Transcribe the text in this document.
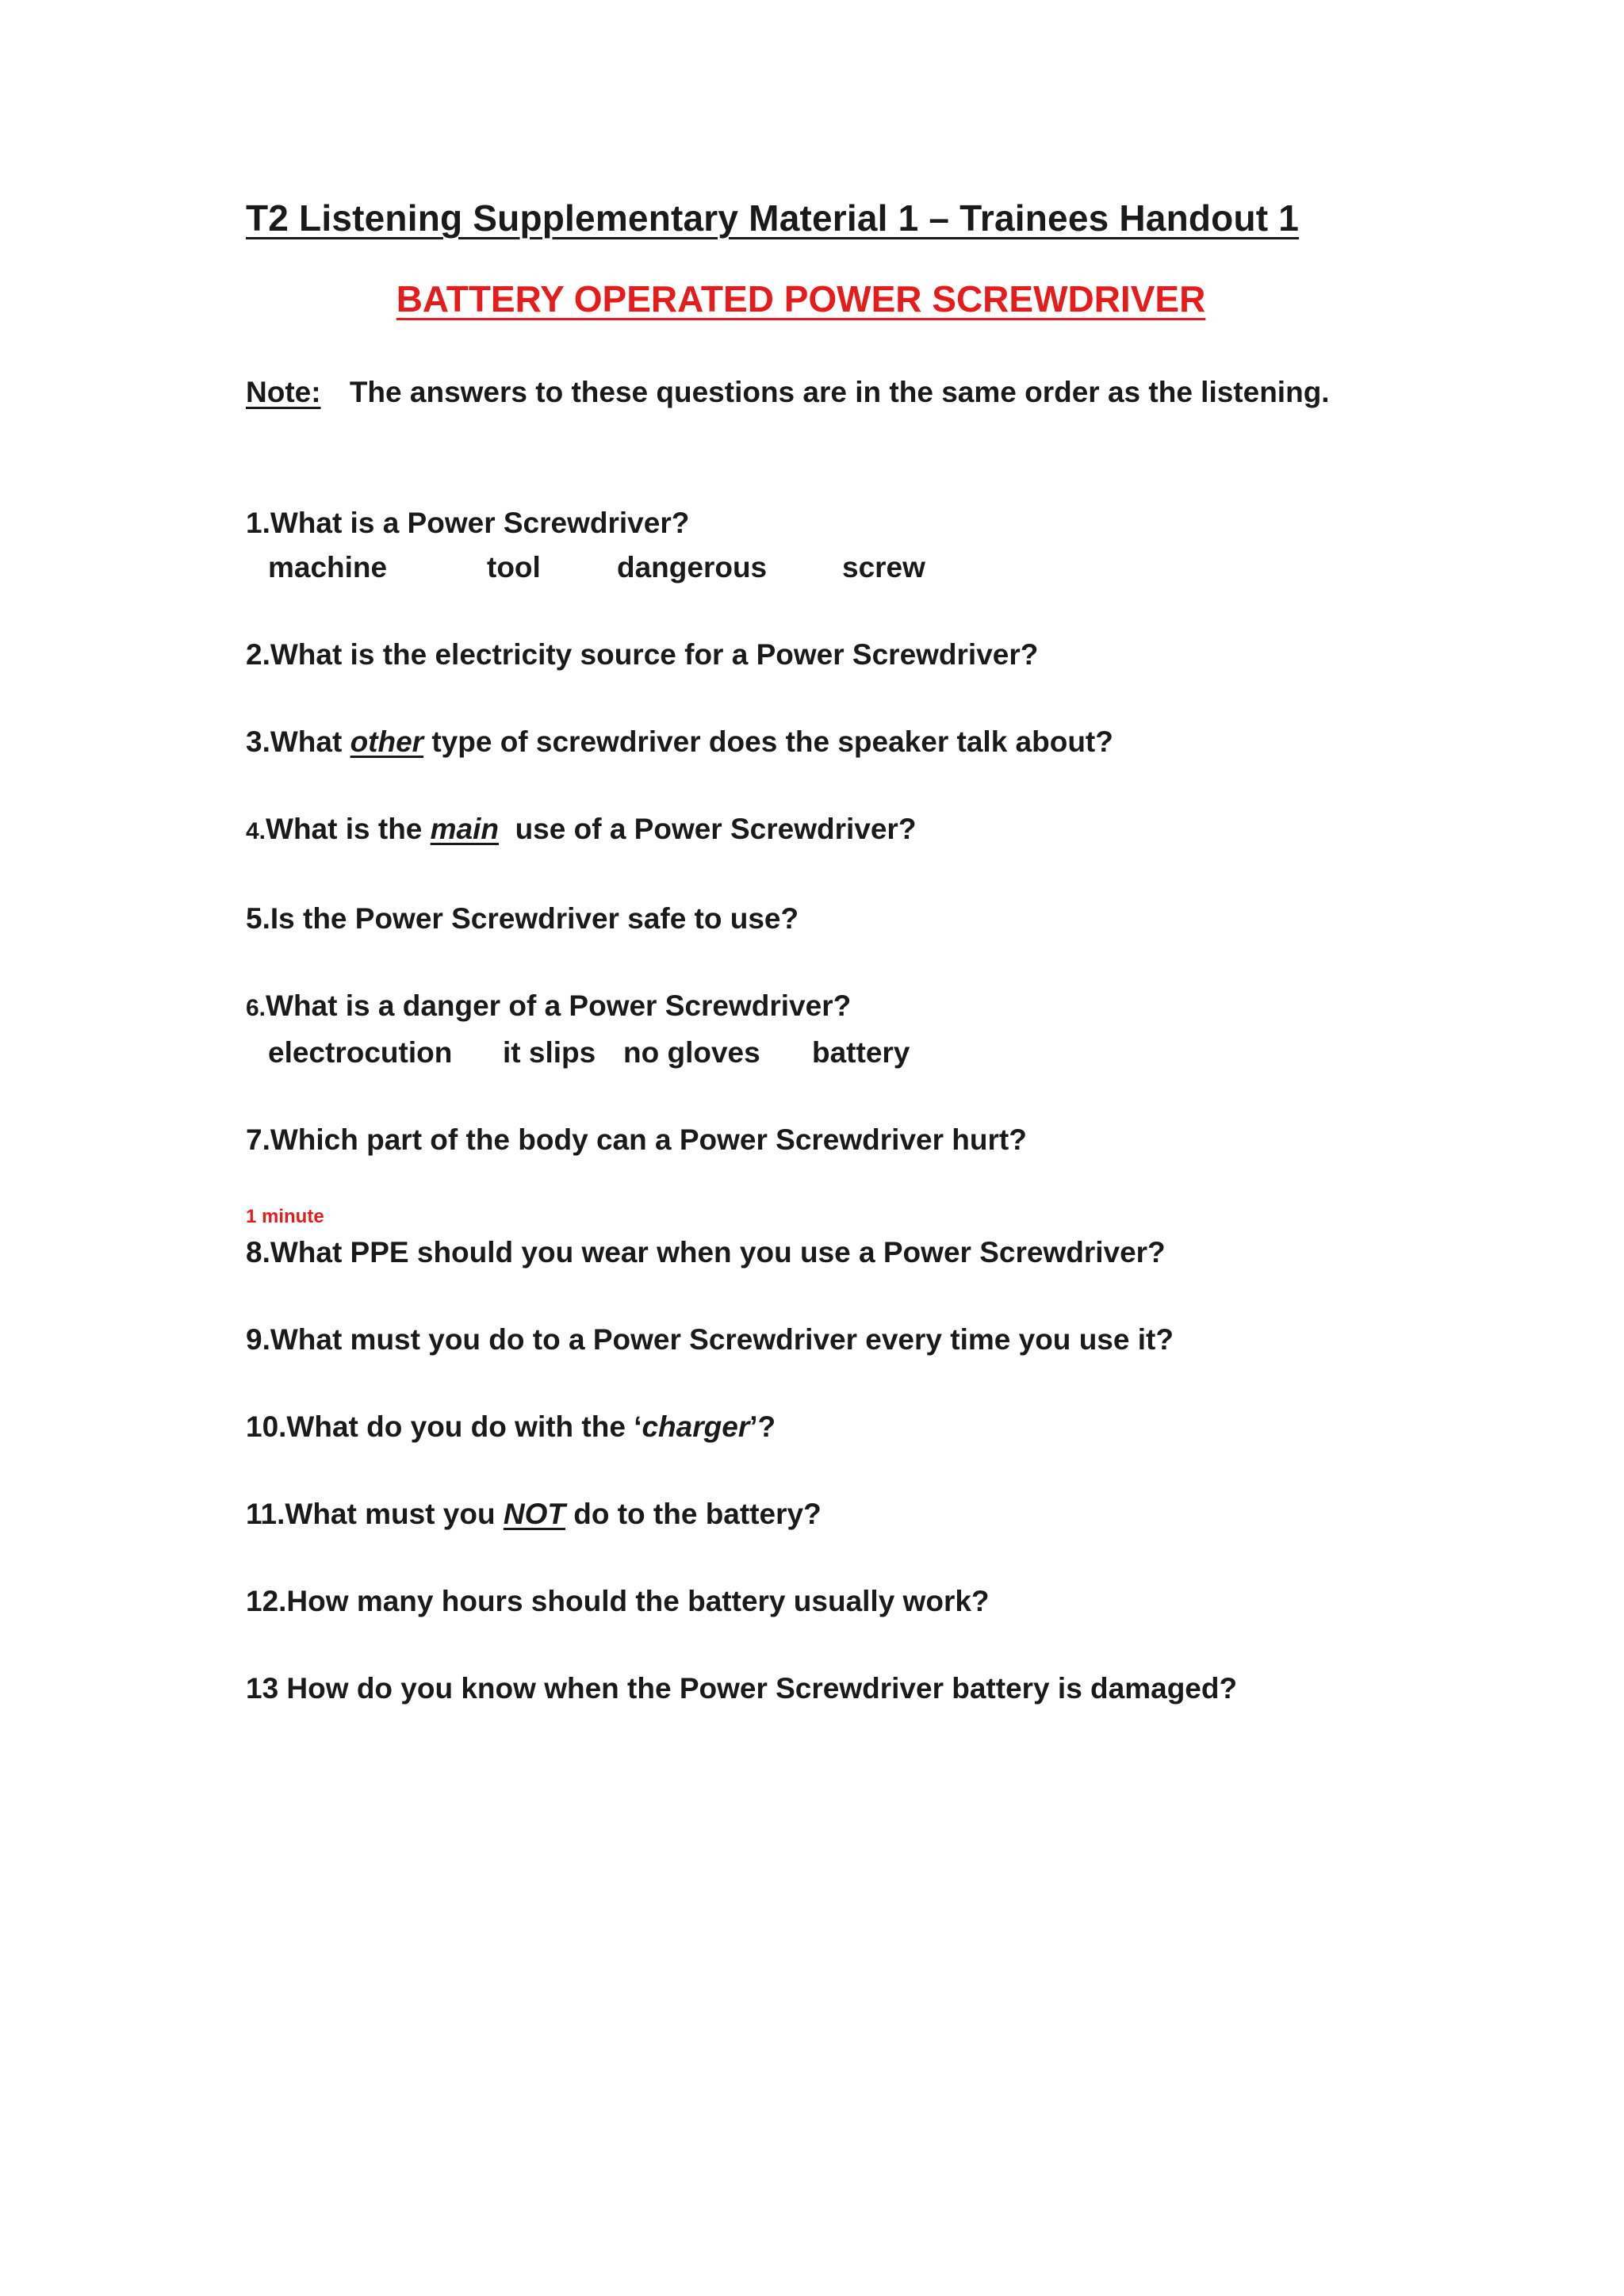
T2 Listening Supplementary Material 1 – Trainees Handout 1
BATTERY OPERATED POWER SCREWDRIVER
Note: The answers to these questions are in the same order as the listening.
1.What is a Power Screwdriver?
machine	tool	dangerous	screw
2.What is the electricity source for a Power Screwdriver?
3.What other type of screwdriver does the speaker talk about?
4.What is the main  use of a Power Screwdriver?
5.Is the Power Screwdriver safe to use?
6.What is a danger of a Power Screwdriver?
electrocution	it slips no gloves	battery
7.Which part of the body can a Power Screwdriver hurt?
1 minute
8.What PPE should you wear when you use a Power Screwdriver?
9.What must you do to a Power Screwdriver every time you use it?
10.What do you do with the ‘charger’?
11.What must you NOT do to the battery?
12.How many hours should the battery usually work?
13 How do you know when the Power Screwdriver battery is damaged?
